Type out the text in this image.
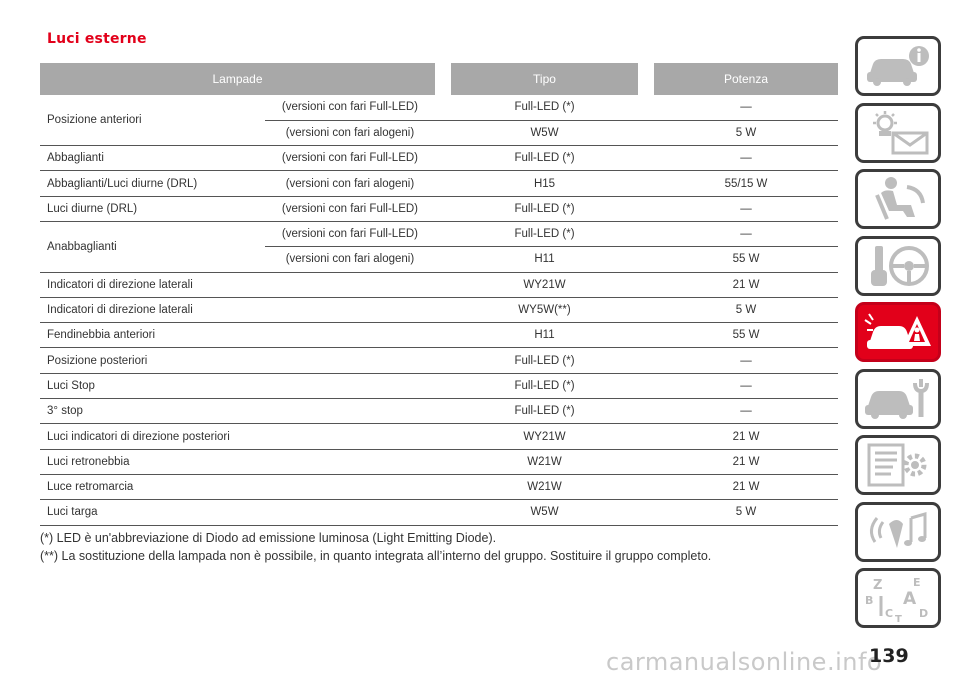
Luci esterne
Lampade			Tipo		Potenza
Posizione anteriori	(versioni con fari Full-LED)		Full-LED (*)		—
	(versioni con fari alogeni)		W5W		5 W
Abbaglianti	(versioni con fari Full-LED)		Full-LED (*)		—
Abbaglianti/Luci diurne (DRL)	(versioni con fari alogeni)		H15		55/15 W
Luci diurne (DRL)	(versioni con fari Full-LED)		Full-LED (*)		—
Anabbaglianti	(versioni con fari Full-LED)		Full-LED (*)		—
	(versioni con fari alogeni)		H11		55 W
Indicatori di direzione laterali			WY21W		21 W
Indicatori di direzione laterali			WY5W(**)		5 W
Fendinebbia anteriori			H11		55 W
Posizione posteriori			Full-LED (*)		—
Luci Stop			Full-LED (*)		—
3° stop			Full-LED (*)		—
Luci indicatori di direzione posteriori			WY21W		21 W
Luci retronebbia			W21W		21 W
Luce retromarcia			W21W		21 W
Luci targa			W5W		5 W
(*) LED è un'abbreviazione di Diodo ad emissione luminosa (Light Emitting Diode).
(**) La sostituzione della lampada non è possibile, in quanto integrata all’interno del gruppo. Sostituire il gruppo completo.
Z	E
B A
C D
T
carmanualsonline.info
139
